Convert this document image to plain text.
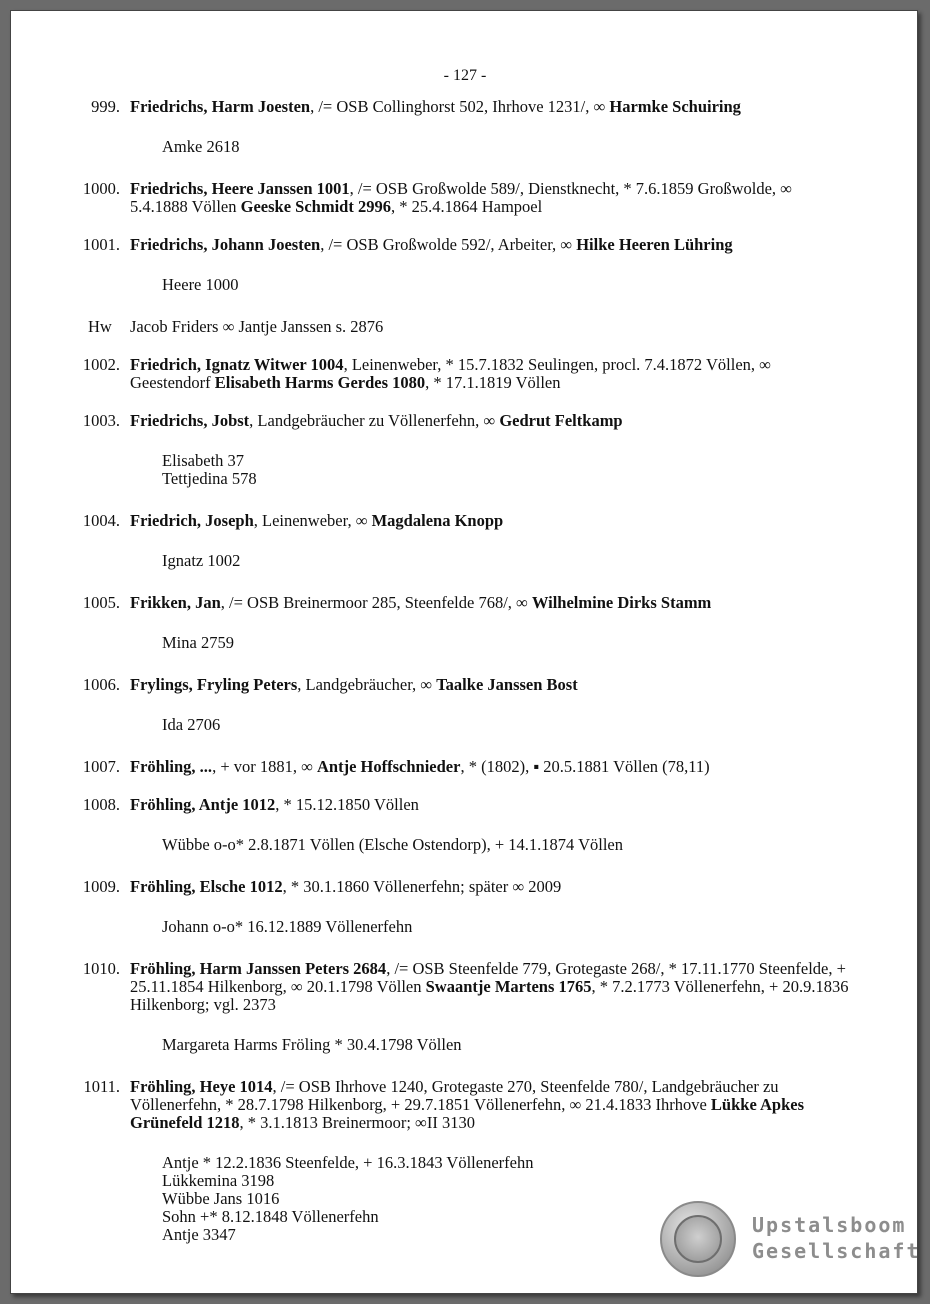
- 127 -
999. Friedrichs, Harm Joesten, /= OSB Collinghorst 502, Ihrhove 1231/, ∞ Harmke Schuiring
Amke 2618
1000. Friedrichs, Heere Janssen 1001, /= OSB Großwolde 589/, Dienstknecht, * 7.6.1859 Großwolde, ∞ 5.4.1888 Völlen Geeske Schmidt 2996, * 25.4.1864 Hampoel
1001. Friedrichs, Johann Joesten, /= OSB Großwolde 592/, Arbeiter, ∞ Hilke Heeren Lühring
Heere 1000
Hw	Jacob Friders ∞ Jantje Janssen s. 2876
1002. Friedrich, Ignatz Witwer 1004, Leinenweber, * 15.7.1832 Seulingen, procl. 7.4.1872 Völlen, ∞ Geestendorf Elisabeth Harms Gerdes 1080, * 17.1.1819 Völlen
1003. Friedrichs, Jobst, Landgebräucher zu Völlenerfehn, ∞ Gedrut Feltkamp
Elisabeth 37
Tettjedina 578
1004. Friedrich, Joseph, Leinenweber, ∞ Magdalena Knopp
Ignatz 1002
1005. Frikken, Jan, /= OSB Breinermoor 285, Steenfelde 768/, ∞ Wilhelmine Dirks Stamm
Mina 2759
1006. Frylings, Fryling Peters, Landgebräucher, ∞ Taalke Janssen Bost
Ida 2706
1007. Fröhling, ..., + vor 1881, ∞ Antje Hoffschnieder, * (1802), ▪ 20.5.1881 Völlen (78,11)
1008. Fröhling, Antje 1012, * 15.12.1850 Völlen
Wübbe o-o* 2.8.1871 Völlen (Elsche Ostendorp), + 14.1.1874 Völlen
1009. Fröhling, Elsche 1012, * 30.1.1860 Völlenerfehn; später ∞ 2009
Johann o-o* 16.12.1889 Völlenerfehn
1010. Fröhling, Harm Janssen Peters 2684, /= OSB Steenfelde 779, Grotegaste 268/, * 17.11.1770 Steenfelde, + 25.11.1854 Hilkenborg, ∞ 20.1.1798 Völlen Swaantje Martens 1765, * 7.2.1773 Völlenerfehn, + 20.9.1836 Hilkenborg; vgl. 2373
Margareta Harms Fröling * 30.4.1798 Völlen
1011. Fröhling, Heye 1014, /= OSB Ihrhove 1240, Grotegaste 270, Steenfelde 780/, Landgebräucher zu Völlenerfehn, * 28.7.1798 Hilkenborg, + 29.7.1851 Völlenerfehn, ∞ 21.4.1833 Ihrhove Lükke Apkes Grünefeld 1218, * 3.1.1813 Breinermoor; ∞II 3130
Antje * 12.2.1836 Steenfelde, + 16.3.1843 Völlenerfehn
Lükkemina 3198
Wübbe Jans 1016
Sohn +* 8.12.1848 Völlenerfehn
Antje 3347	Upstalsboom
Gesellschaft
